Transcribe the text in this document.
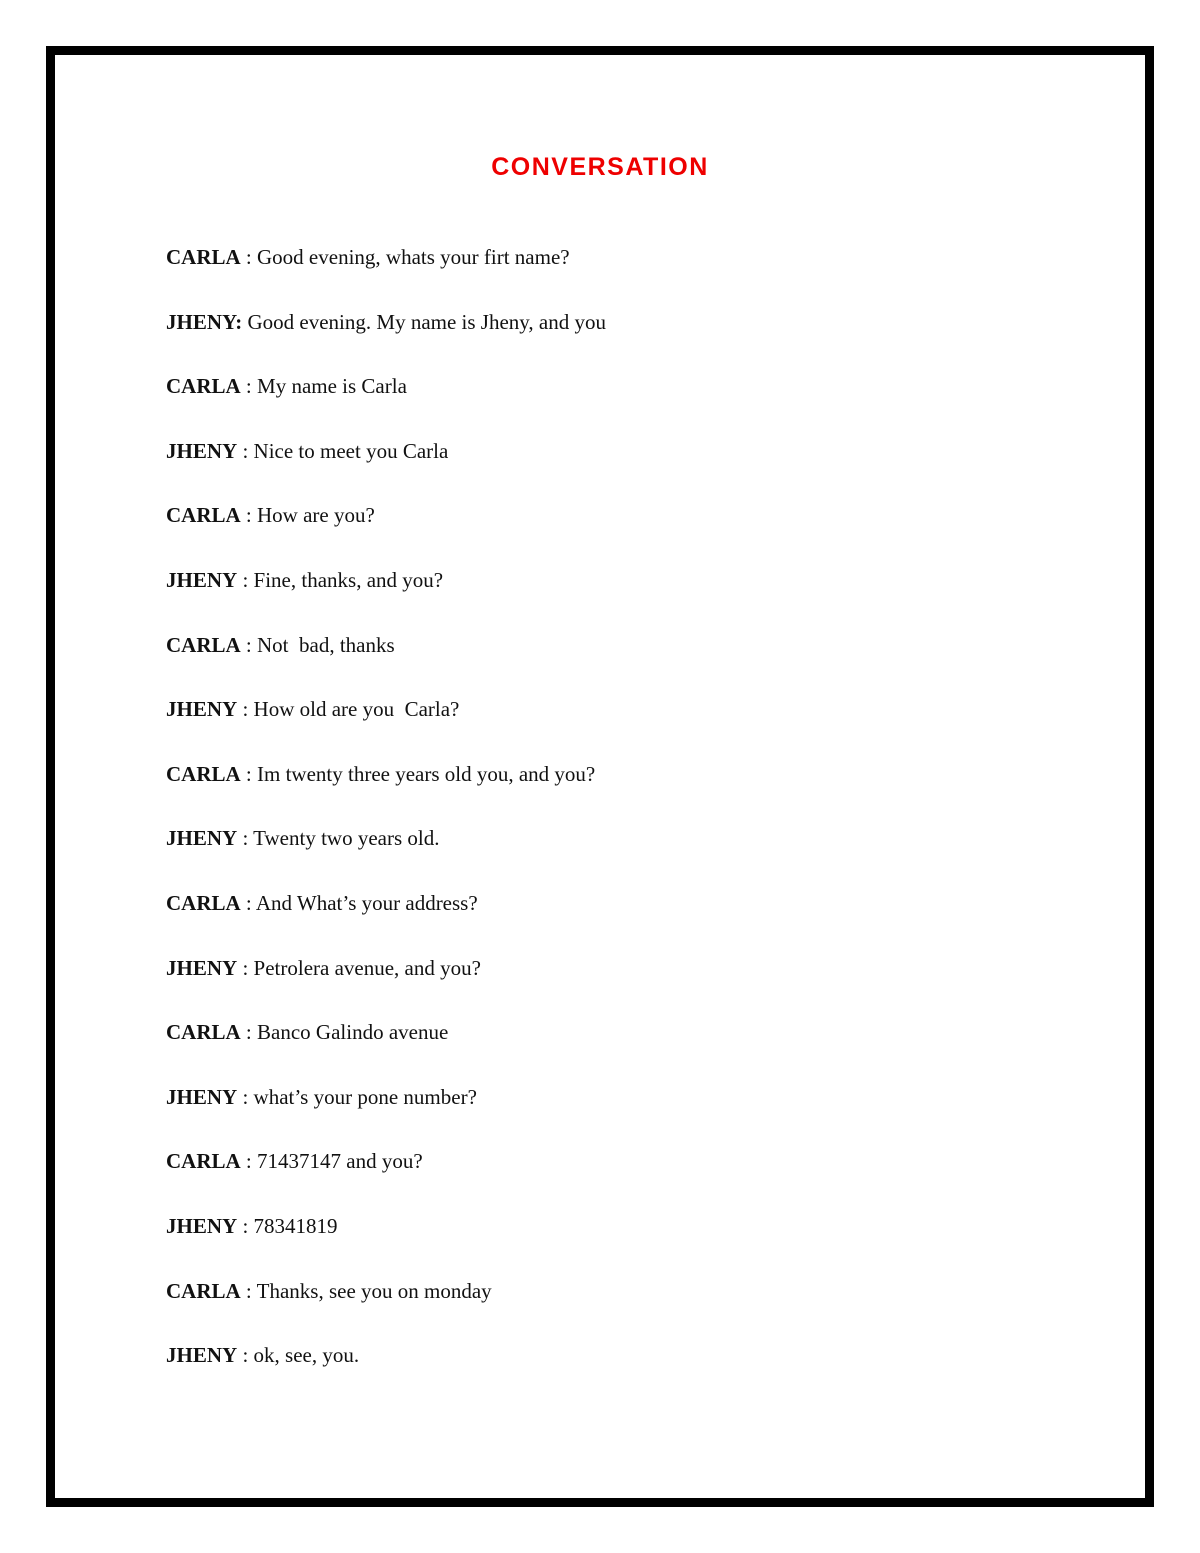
CONVERSATION
CARLA : Good evening, whats your firt name?
JHENY: Good evening. My name is Jheny, and you
CARLA : My name is Carla
JHENY : Nice to meet you Carla
CARLA : How are you?
JHENY : Fine, thanks, and you?
CARLA : Not  bad, thanks
JHENY : How old are you  Carla?
CARLA : Im twenty three years old you, and you?
JHENY : Twenty two years old.
CARLA : And What’s your address?
JHENY : Petrolera avenue, and you?
CARLA : Banco Galindo avenue
JHENY : what’s your pone number?
CARLA : 71437147 and you?
JHENY : 78341819
CARLA : Thanks, see you on monday
JHENY : ok, see, you.
